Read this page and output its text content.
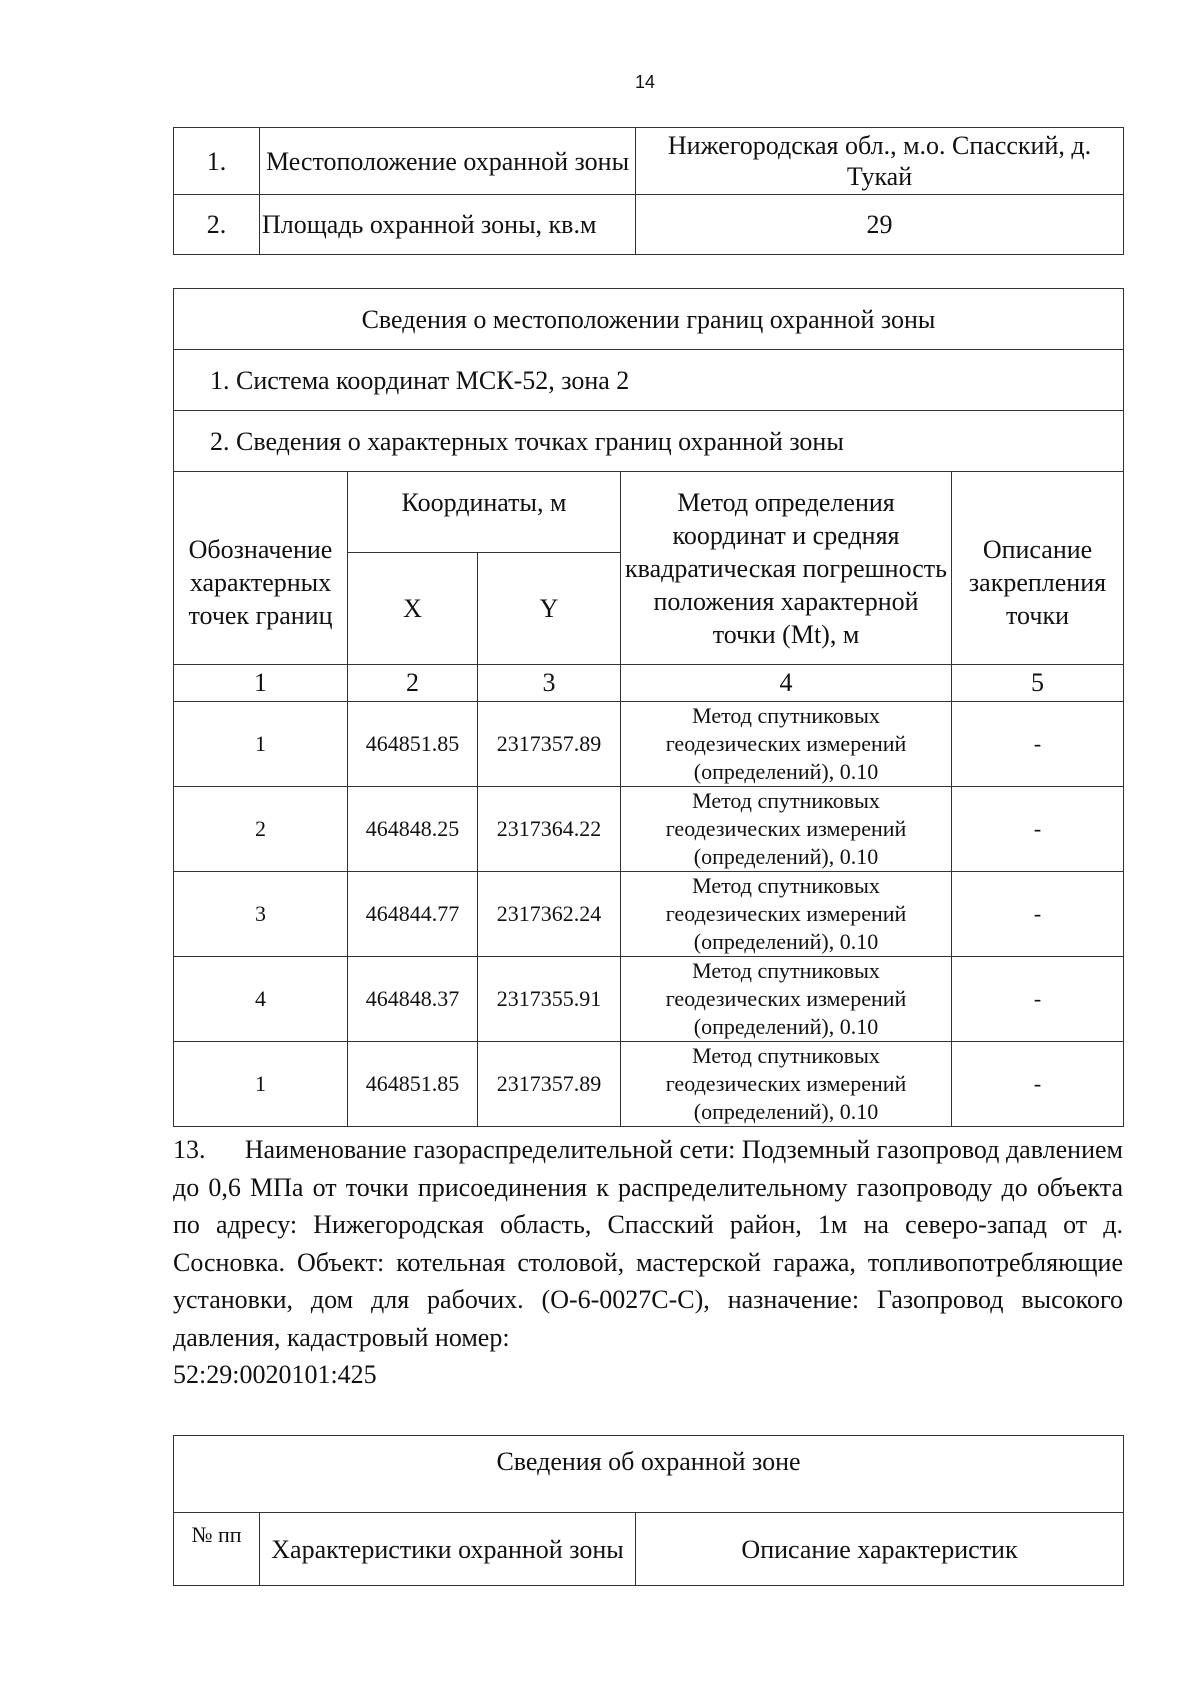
14
1.	Местоположение охранной зоны	Нижегородская обл., м.о. Спасский, д. Тукай
2.	Площадь охранной зоны, кв.м	29
Сведения о местоположении границ охранной зоны				
1. Система координат МСК-52, зона 2				
2. Сведения о характерных точках границ охранной зоны				
Обозначение характерных точек границ	Координаты, м		Метод определения координат и средняя квадратическая погрешность положения характерной точки (Mt), м	Описание закрепления точки
	X	Y		
1	2	3	4	5
1	464851.85	2317357.89	Метод спутниковых геодезических измерений (определений), 0.10	-
2	464848.25	2317364.22	Метод спутниковых геодезических измерений (определений), 0.10	-
3	464844.77	2317362.24	Метод спутниковых геодезических измерений (определений), 0.10	-
4	464848.37	2317355.91	Метод спутниковых геодезических измерений (определений), 0.10	-
1	464851.85	2317357.89	Метод спутниковых геодезических измерений (определений), 0.10	-
13.      Наименование газораспределительной сети: Подземный газопровод давлением до 0,6 МПа от точки присоединения к распределительному газопроводу до объекта по адресу: Нижегородская область, Спасский район, 1м на северо-запад от д. Сосновка. Объект: котельная столовой, мастерской гаража, топливопотребляющие установки, дом для рабочих. (О-6-0027С-С), назначение: Газопровод высокого давления, кадастровый номер:
52:29:0020101:425
Сведения об охранной зоне
№ пп	Характеристики охранной зоны	Описание характеристик
